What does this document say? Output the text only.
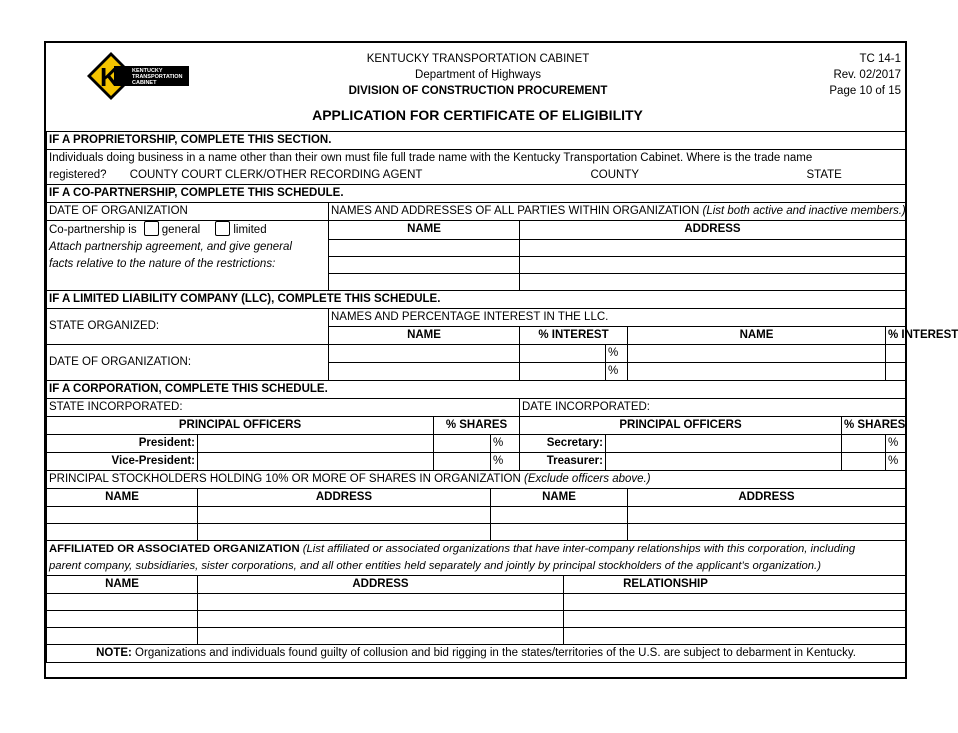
K KENTUCKY
TRANSPORTATION
CABINET
KENTUCKY TRANSPORTATION CABINET
Department of Highways
DIVISION OF CONSTRUCTION PROCUREMENT
TC 14-1
Rev. 02/2017
Page 10 of 15
APPLICATION FOR CERTIFICATE OF ELIGIBILITY
IF A PROPRIETORSHIP, COMPLETE THIS SECTION.											
Individuals doing business in a name other than their own must file full trade name with the Kentucky Transportation Cabinet. Where is the trade name											
registered? COUNTY COURT CLERK/OTHER RECORDING AGENT COUNTY STATE											

IF A CO-PARTNERSHIP, COMPLETE THIS SCHEDULE.											
DATE OF ORGANIZATION		NAMES AND ADDRESSES OF ALL PARTIES WITHIN ORGANIZATION (List both active and inactive members.)									
Co-partnership is general limited		NAME			ADDRESS						
Attach partnership agreement, and give general											
facts relative to the nature of the restrictions:											

IF A LIMITED LIABILITY COMPANY (LLC), COMPLETE THIS SCHEDULE.											
STATE ORGANIZED:		NAMES AND PERCENTAGE INTEREST IN THE LLC.									
		NAME			% INTEREST			NAME		% INTEREST	
DATE OF ORGANIZATION:							%			
							%			
IF A CORPORATION, COMPLETE THIS SCHEDULE.											
STATE INCORPORATED:					DATE INCORPORATED:						
PRINCIPAL OFFICERS			% SHARES		PRINCIPAL OFFICERS				% SHARES		
President:				%	Secretary:					%	
Vice-President:				%	Treasurer:					%	
PRINCIPAL STOCKHOLDERS HOLDING 10% OR MORE OF SHARES IN ORGANIZATION (Exclude officers above.)											
NAME	ADDRESS			NAME				ADDRESS			

AFFILIATED OR ASSOCIATED ORGANIZATION (List affiliated or associated organizations that have inter-company relationships with this corporation, including											
parent company, subsidiaries, sister corporations, and all other entities held separately and jointly by principal stockholders of the applicant’s organization.)											
NAME	ADDRESS					RELATIONSHIP					

NOTE: Organizations and individuals found guilty of collusion and bid rigging in the states/territories of the U.S. are subject to debarment in Kentucky.											
